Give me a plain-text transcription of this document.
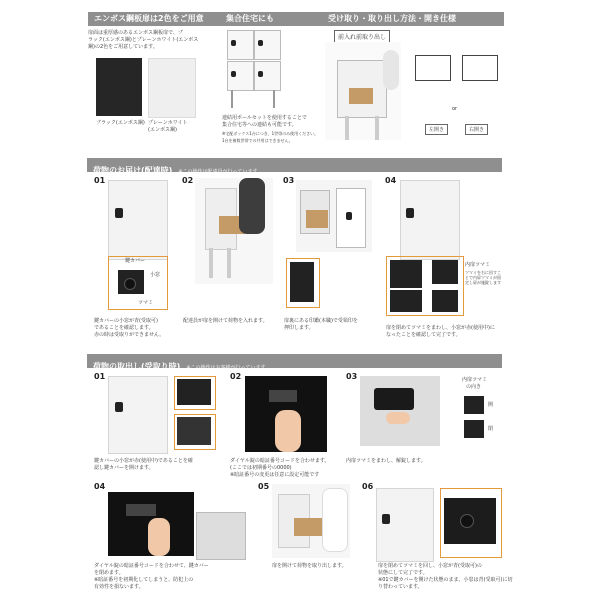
エンボス鋼板扉は2色をご用意
扉面は重厚感のあるエンボス鋼板扉で、ブ
ラック(エンボス鋼)とプレーンホワイト(エンボス
鋼)の2色をご用意しています。
ブラック(エンボス鋼) プレーンホワイト
(エンボス鋼)
集合住宅にも
連結用ポールセットを使用することで
集合住宅等への連結も可能です。
※宅配ボックス1台につき、1世帯のみ使用ください。
1台を複数世帯での共用はできません。
受け取り・取り出し方法・開き仕様
前入れ前取り出し
or
左開き	右開き
荷物のお届け(配達時) ※この操作は配達員が行っています。
01
鍵カバー
小窓
ツマミ
鍵カバーの小窓が青(受取可)
であることを確認します。
赤の時は受取りができません。
02
配達員が扉を開けて荷物を入れます。
03
扉裏にある印鑑(本職)で受領印を
押印します。
04
内扉ツマミ
ツマミを右に回すことで内扉ツマミが固定し扉が施錠します
扉を閉めてツマミをまわし、小窓が赤(使用中)に
なったことを確認して完了です。
荷物の取出し(受取り時) ※この操作はお客様が行っています。
01
鍵カバーの小窓が赤(使用中)であることを確
認し鍵カバーを開けます。
02
ダイヤル錠の暗証番号コードを合わせます。
(ここでは初期番号の0000)
※暗証番号の変更は任意に設定可能です
03	内扉ツマミ
の向き
開
閉
内扉ツマミをまわし、解錠します。
04
ダイヤル錠の暗証番号コードを合わせて、鍵カバー
を閉めます。
※暗証番号を初期化してしまうと、防犯上の
有効性を損ないます。
05
扉を開けて荷物を取り出します。
06
扉を閉めてツマミを回し、小窓が青(受取可)の
状態にして完了です。
※01で鍵カバーを開けた状態のまま、小窓は青(受取可)に切
り替わっています。
